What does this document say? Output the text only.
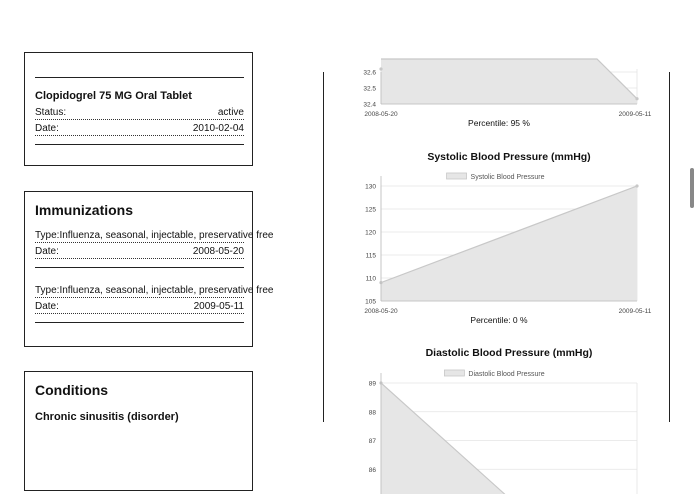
Clopidogrel 75 MG Oral Tablet
Status:	active
Date:	2010-02-04
Immunizations
Type: Influenza, seasonal, injectable, preservative free
Date:	2008-05-20
Type: Influenza, seasonal, injectable, preservative free
Date:	2009-05-11
Conditions
Chronic sinusitis (disorder)
32.6
32.5
32.4
2008-05-20	2009-05-11
Percentile: 95 %
Systolic Blood Pressure (mmHg)
Systolic Blood Pressure
130
125
120
115
110
105
2008-05-20	2009-05-11
Percentile: 0 %
Diastolic Blood Pressure (mmHg)
Diastolic Blood Pressure
89
88
87
86
